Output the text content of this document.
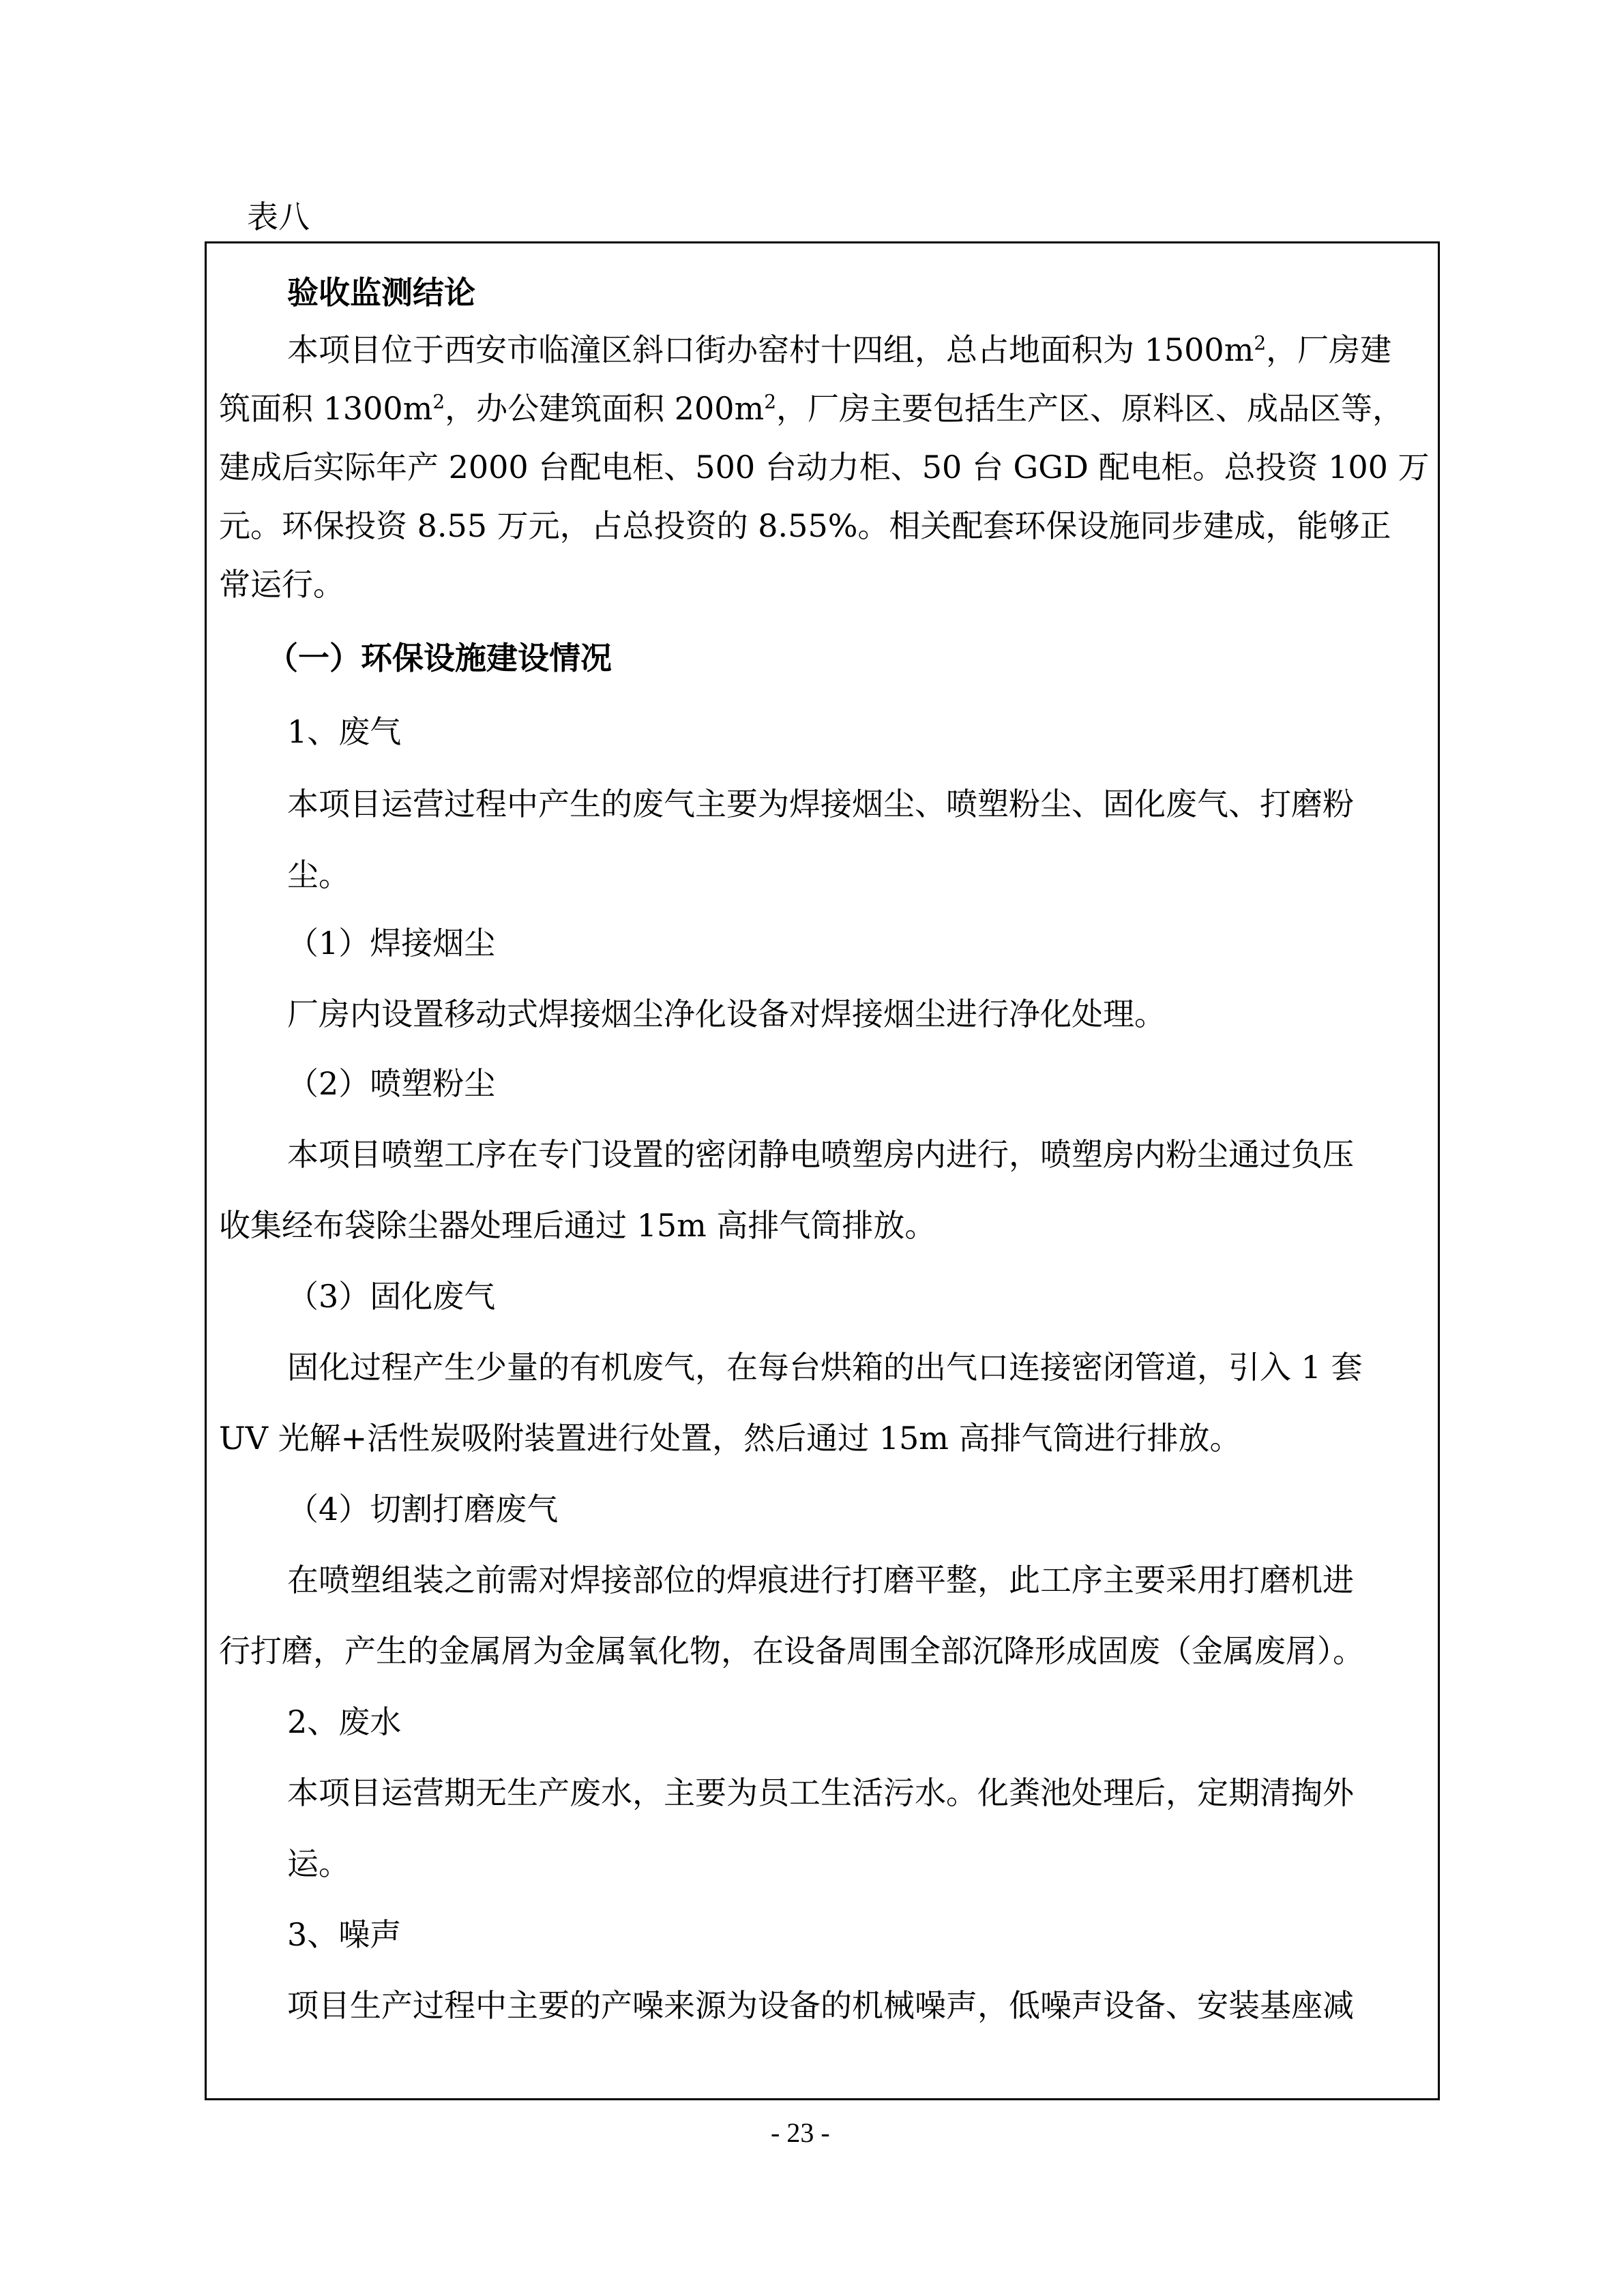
表八

验收监测结论

本项目位于西安市临潼区斜口街办窑村十四组，总占地面积为 $1500m^2$，厂房建

筑面积 $1300m^2$，办公建筑面积 $200m^2$，厂房主要包括生产区、原料区、成品区等，

建成后实际年产 2000 台配电柜、500 台动力柜、50 台 GGD 配电柜。总投资 100 万

元。环保投资 8.55 万元，占总投资的 8.55%。相关配套环保设施同步建成，能够正

常运行。

（一）环保设施建设情况

1、废气

本项目运营过程中产生的废气主要为焊接烟尘、喷塑粉尘、固化废气、打磨粉

尘。

（1）焊接烟尘

厂房内设置移动式焊接烟尘净化设备对焊接烟尘进行净化处理。

（2）喷塑粉尘

本项目喷塑工序在专门设置的密闭静电喷塑房内进行，喷塑房内粉尘通过负压

收集经布袋除尘器处理后通过 15m 高排气筒排放。

（3）固化废气

固化过程产生少量的有机废气，在每台烘箱的出气口连接密闭管道，引入 1 套

UV 光解+活性炭吸附装置进行处置，然后通过 15m 高排气筒进行排放。

（4）切割打磨废气

在喷塑组装之前需对焊接部位的焊痕进行打磨平整，此工序主要采用打磨机进

行打磨，产生的金属屑为金属氧化物，在设备周围全部沉降形成固废（金属废屑）。

2、废水

本项目运营期无生产废水，主要为员工生活污水。化粪池处理后，定期清掏外

运。

3、噪声

项目生产过程中主要的产噪来源为设备的机械噪声，低噪声设备、安装基座减

- 23 -
